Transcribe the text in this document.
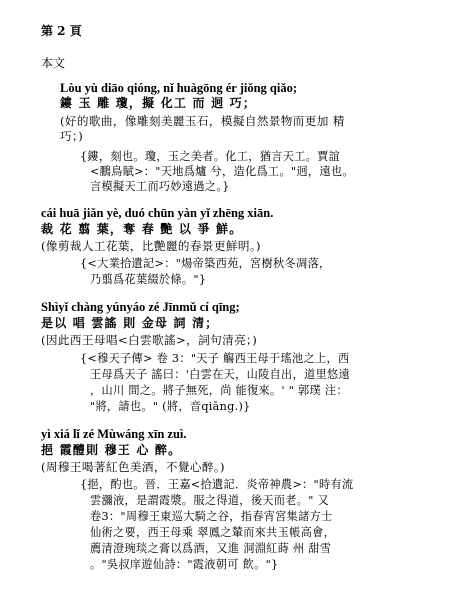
第 2 頁
本文
Lòu yù diāo qióng, nǐ huàgōng ér jiǒng qiǎo;
鏤 玉 雕 瓊，擬 化工 而 迥 巧；
(好的歌曲，像雕刻美麗玉石，模擬自然景物而更加 精
巧；)
{鏤，刻也。瓊，玉之美者。化工，猶言天工。賈誼
<鵬鳥賦>："天地爲爐 兮，造化爲工。"迥，遠也。
言模擬天工而巧妙遠過之。}
cái huā jiǎn yè, duó chūn yàn yǐ zhēng xiān.
裁 花 翦 葉，奪 春 艷 以 爭 鮮。
(像剪裁人工花葉，比艷麗的春景更鮮明。)
{<大業拾遺記>："煬帝築西苑，宮樹秋冬凋落，
乃翦爲花葉綴於條。"}
Shìyǐ chàng yúnyáo zé Jīnmǔ cí qīng;
是以 唱 雲謠 則 金母 詞 清；
(因此西王母唱<白雲歌謠>，詞句清亮；)
{<穆天子傳> 卷 3："天子 觴西王母于瑤池之上，西
王母爲天子 謠曰：'白雲在天，山陵自出，道里悠遠
，山川 間之。將子無死，尚 能復來。' " 郭璞 注：
"將，請也。" (將，音qiāng.)}
yì xiá lǐ zé Mùwáng xīn zuì.
挹 霞醴則 穆王 心 醉。
(周穆王喝著紅色美酒，不覺心醉。)
{挹，酌也。晉．王嘉<拾遺記．炎帝神農>："時有流
雲瀰液，是謂霞漿。服之得道，後天而老。" 又
卷3："周穆王東巡大騎之谷，指春宵宮集諸方士
仙術之要，西王母乘 翠鳳之輦而來共玉帳高會，
薦清澄琬琰之膏以爲酒，又進 洞淵紅蒔 州 甜雪
。"吳叔庠遊仙詩："霞液朝可 飲。"}
